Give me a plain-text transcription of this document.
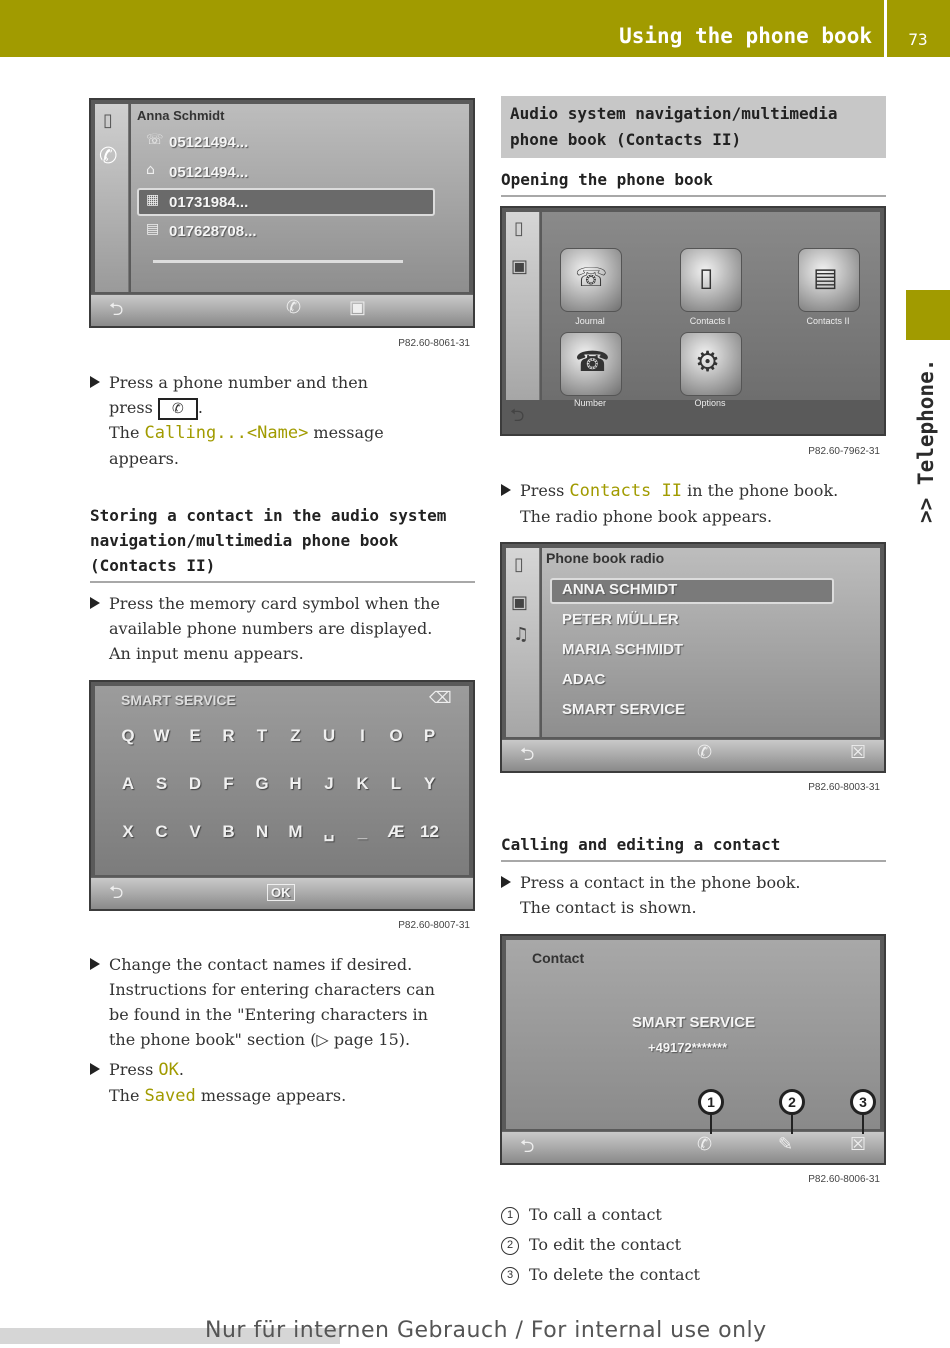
Using the phone book	73
>> Telephone.
▯
✆
Anna Schmidt
☏ 05121494...
⌂ 05121494...
▦ 01731984...
▤ 017628708...
⮌	✆	▣
P82.60-8061-31
Press a phone number and then
press ✆ .
The Calling...<Name> message
appears.
Storing a contact in the audio system
navigation/multimedia phone book
(Contacts II)
Press the memory card symbol when the
available phone numbers are displayed.
An input menu appears.
SMART SERVICE	⌫
Q	W	E	R	T	Z	U	I	O	P
A	S	D	F	G	H	J	K	L	Y
X	C	V	B	N	M	␣	_	Æ 12
⮌	OK
P82.60-8007-31
Change the contact names if desired.
Instructions for entering characters can
be found in the "Entering characters in
the phone book" section (▷ page 15).
Press OK.
The Saved message appears.
Audio system navigation/multimedia
phone book (Contacts II)
Opening the phone book
▯
▣ ☏
Journal
▯
Contacts I
▤
Contacts II
☎
Number
⚙
Options
⮌
P82.60-7962-31
Press Contacts II in the phone book.
The radio phone book appears.
▯
▣
♫
Phone book radio
ANNA SCHMIDT
PETER MÜLLER
MARIA SCHMIDT
ADAC
SMART SERVICE
⮌	✆	☒
P82.60-8003-31
Calling and editing a contact
Press a contact in the phone book.
The contact is shown.
Contact
SMART SERVICE
+49172*******
⮌	✆	✎	☒
1	2	3
P82.60-8006-31
1 To call a contact
2 To edit the contact
3 To delete the contact
Nur für internen Gebrauch / For internal use only
